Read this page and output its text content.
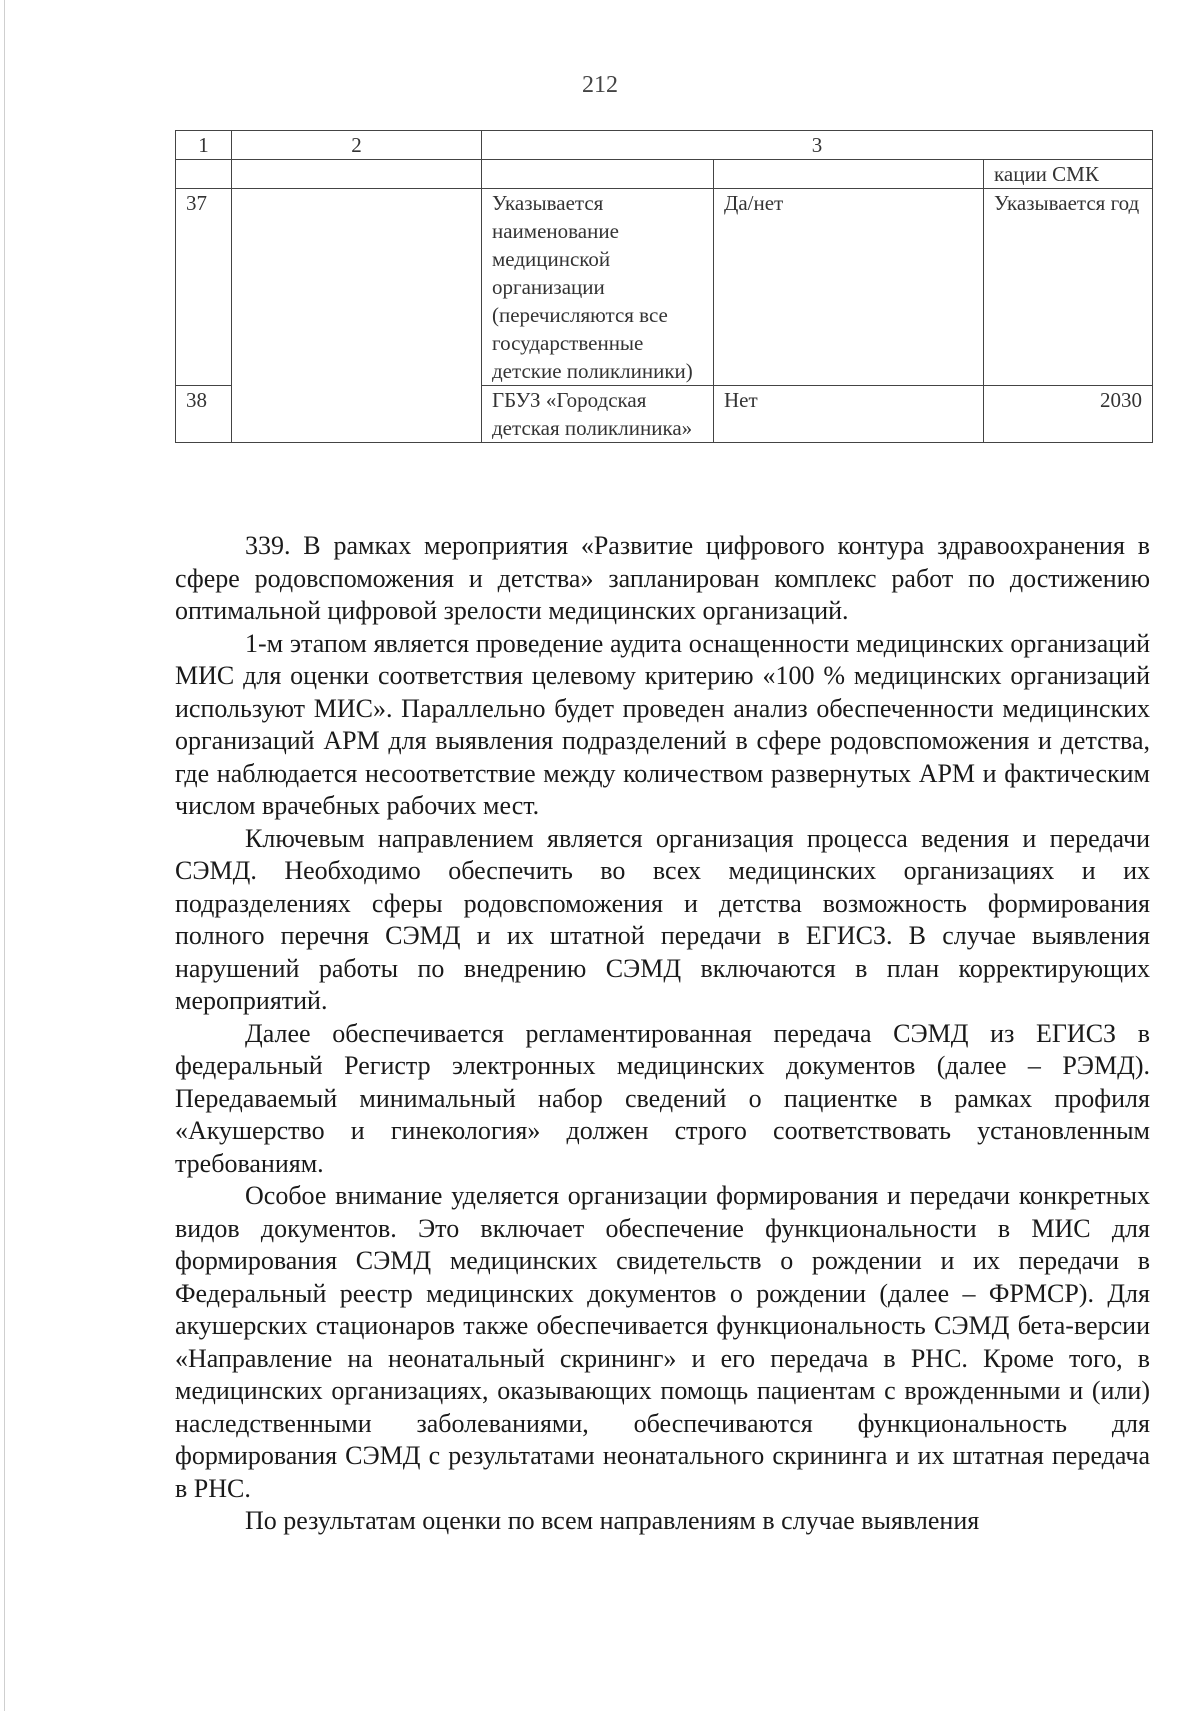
212
1	2	3		
				кации СМК
37		Указывается наименование медицинской организации (перечисляются все государственные детские поликлиники)	Да/нет	Указывается год
38		ГБУЗ «Городская детская поликлиника»	Нет	2030

339. В рамках мероприятия «Развитие цифрового контура здравоохранения в сфере родовспоможения и детства» запланирован комплекс работ по достижению оптимальной цифровой зрелости медицинских организаций.

1-м этапом является проведение аудита оснащенности медицинских организаций МИС для оценки соответствия целевому критерию «100 % медицинских организаций используют МИС». Параллельно будет проведен анализ обеспеченности медицинских организаций АРМ для выявления подразделений в сфере родовспоможения и детства, где наблюдается несоответствие между количеством развернутых АРМ и фактическим числом врачебных рабочих мест.

Ключевым направлением является организация процесса ведения и передачи СЭМД. Необходимо обеспечить во всех медицинских организациях и их подразделениях сферы родовспоможения и детства возможность формирования полного перечня СЭМД и их штатной передачи в ЕГИСЗ. В случае выявления нарушений работы по внедрению СЭМД включаются в план корректирующих мероприятий.

Далее обеспечивается регламентированная передача СЭМД из ЕГИСЗ в федеральный Регистр электронных медицинских документов (далее – РЭМД). Передаваемый минимальный набор сведений о пациентке в рамках профиля «Акушерство и гинекология» должен строго соответствовать установленным требованиям.

Особое внимание уделяется организации формирования и передачи конкретных видов документов. Это включает обеспечение функциональности в МИС для формирования СЭМД медицинских свидетельств о рождении и их передачи в Федеральный реестр медицинских документов о рождении (далее – ФРМСР). Для акушерских стационаров также обеспечивается функциональность СЭМД бета-версии «Направление на неонатальный скрининг» и его передача в РНС. Кроме того, в медицинских организациях, оказывающих помощь пациентам с врожденными и (или) наследственными заболеваниями, обеспечиваются функциональность для формирования СЭМД с результатами неонатального скрининга и их штатная передача в РНС.

По результатам оценки по всем направлениям в случае выявления
